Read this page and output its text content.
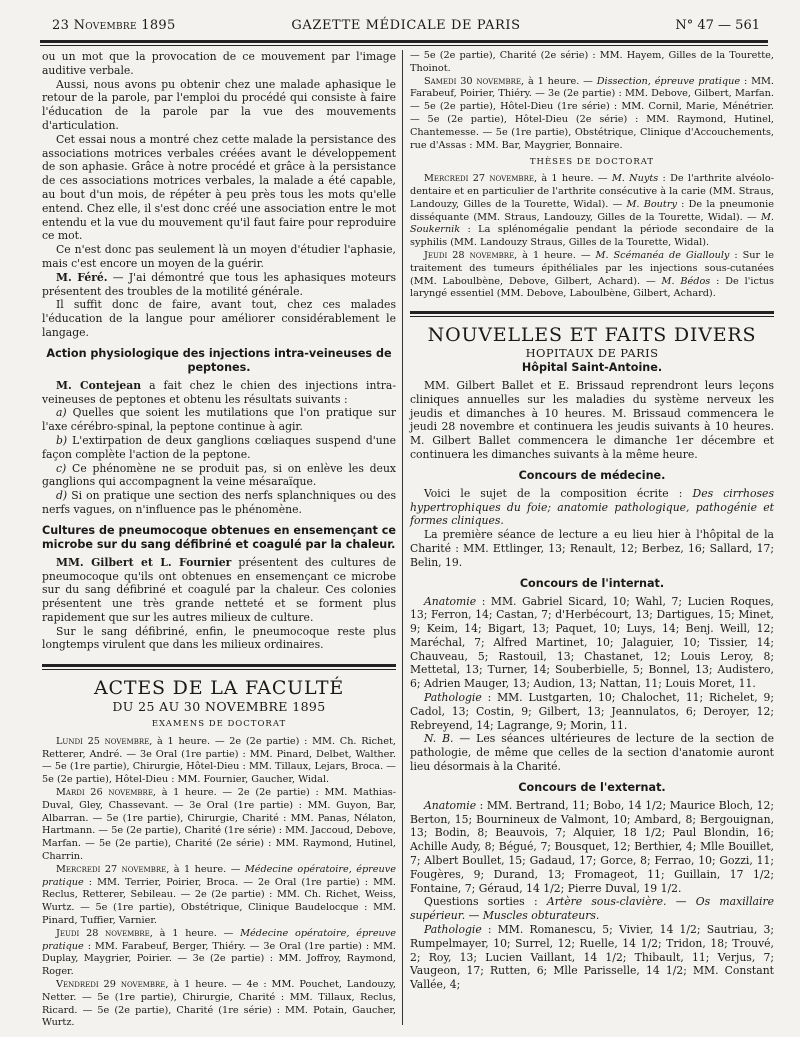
23 Novembre 1895	GAZETTE MÉDICALE DE PARIS	N° 47 — 561

ou un mot que la provocation de ce mouvement par l'image auditive verbale.

Aussi, nous avons pu obtenir chez une malade aphasique le retour de la parole, par l'emploi du procédé qui consiste à faire l'éducation de la parole par la vue des mouvements d'articulation.

Cet essai nous a montré chez cette malade la persistance des associations motrices verbales créées avant le développement de son aphasie. Grâce à notre procédé et grâce à la persistance de ces associations motrices verbales, la malade a été capable, au bout d'un mois, de répéter à peu près tous les mots qu'elle entend. Chez elle, il s'est donc créé une association entre le mot entendu et la vue du mouvement qu'il faut faire pour reproduire ce mot.

Ce n'est donc pas seulement là un moyen d'étudier l'aphasie, mais c'est encore un moyen de la guérir.

M. Féré. — J'ai démontré que tous les aphasiques moteurs présentent des troubles de la motilité générale.

Il suffit donc de faire, avant tout, chez ces malades l'éducation de la langue pour améliorer considérablement le langage.

Action physiologique des injections intra-veineuses de peptones.

M. Contejean a fait chez le chien des injections intra-veineuses de peptones et obtenu les résultats suivants :

a) Quelles que soient les mutilations que l'on pratique sur l'axe cérébro-spinal, la peptone continue à agir.

b) L'extirpation de deux ganglions cœliaques suspend d'une façon complète l'action de la peptone.

c) Ce phénomène ne se produit pas, si on enlève les deux ganglions qui accompagnent la veine mésaraïque.

d) Si on pratique une section des nerfs splanchniques ou des nerfs vagues, on n'influence pas le phénomène.

Cultures de pneumocoque obtenues en ensemençant ce microbe sur du sang défibriné et coagulé par la chaleur.

MM. Gilbert et L. Fournier présentent des cultures de pneumocoque qu'ils ont obtenues en ensemençant ce microbe sur du sang défibriné et coagulé par la chaleur. Ces colonies présentent une très grande netteté et se forment plus rapidement que sur les autres milieux de culture.

Sur le sang défibriné, enfin, le pneumocoque reste plus longtemps virulent que dans les milieux ordinaires.

ACTES DE LA FACULTÉ
DU 25 AU 30 NOVEMBRE 1895
EXAMENS DE DOCTORAT

Lundi 25 novembre, à 1 heure. — 2e (2e partie) : MM. Ch. Richet, Retterer, André. — 3e Oral (1re partie) : MM. Pinard, Delbet, Walther. — 5e (1re partie), Chirurgie, Hôtel-Dieu : MM. Tillaux, Lejars, Broca. — 5e (2e partie), Hôtel-Dieu : MM. Fournier, Gaucher, Widal.

Mardi 26 novembre, à 1 heure. — 2e (2e partie) : MM. Mathias-Duval, Gley, Chassevant. — 3e Oral (1re partie) : MM. Guyon, Bar, Albarran. — 5e (1re partie), Chirurgie, Charité : MM. Panas, Nélaton, Hartmann. — 5e (2e partie), Charité (1re série) : MM. Jaccoud, Debove, Marfan. — 5e (2e partie), Charité (2e série) : MM. Raymond, Hutinel, Charrin.

Mercredi 27 novembre, à 1 heure. — Médecine opératoire, épreuve pratique : MM. Terrier, Poirier, Broca. — 2e Oral (1re partie) : MM. Reclus, Retterer, Sebileau. — 2e (2e partie) : MM. Ch. Richet, Weiss, Wurtz. — 5e (1re partie), Obstétrique, Clinique Baudelocque : MM. Pinard, Tuffier, Varnier.

Jeudi 28 novembre, à 1 heure. — Médecine opératoire, épreuve pratique : MM. Farabeuf, Berger, Thiéry. — 3e Oral (1re partie) : MM. Duplay, Maygrier, Poirier. — 3e (2e partie) : MM. Joffroy, Raymond, Roger.

Vendredi 29 novembre, à 1 heure. — 4e : MM. Pouchet, Landouzy, Netter. — 5e (1re partie), Chirurgie, Charité : MM. Tillaux, Reclus, Ricard. — 5e (2e partie), Charité (1re série) : MM. Potain, Gaucher, Wurtz.

— 5e (2e partie), Charité (2e série) : MM. Hayem, Gilles de la Tourette, Thoinot.

Samedi 30 novembre, à 1 heure. — Dissection, épreuve pratique : MM. Farabeuf, Poirier, Thiéry. — 3e (2e partie) : MM. Debove, Gilbert, Marfan. — 5e (2e partie), Hôtel-Dieu (1re série) : MM. Cornil, Marie, Ménétrier. — 5e (2e partie), Hôtel-Dieu (2e série) : MM. Raymond, Hutinel, Chantemesse. — 5e (1re partie), Obstétrique, Clinique d'Accouchements, rue d'Assas : MM. Bar, Maygrier, Bonnaire.

THÈSES DE DOCTORAT

Mercredi 27 novembre, à 1 heure. — M. Nuyts : De l'arthrite alvéolo-dentaire et en particulier de l'arthrite consécutive à la carie (MM. Straus, Landouzy, Gilles de la Tourette, Widal). — M. Boutry : De la pneumonie disséquante (MM. Straus, Landouzy, Gilles de la Tourette, Widal). — M. Soukernik : La splénomégalie pendant la période secondaire de la syphilis (MM. Landouzy Straus, Gilles de la Tourette, Widal).

Jeudi 28 novembre, à 1 heure. — M. Scémanéa de Giallouly : Sur le traitement des tumeurs épithéliales par les injections sous-cutanées (MM. Laboulbène, Debove, Gilbert, Achard). — M. Bédos : De l'ictus laryngé essentiel (MM. Debove, Laboulbène, Gilbert, Achard).

NOUVELLES ET FAITS DIVERS
HOPITAUX DE PARIS
Hôpital Saint-Antoine.

MM. Gilbert Ballet et E. Brissaud reprendront leurs leçons cliniques annuelles sur les maladies du système nerveux les jeudis et dimanches à 10 heures. M. Brissaud commencera le jeudi 28 novembre et continuera les jeudis suivants à 10 heures. M. Gilbert Ballet commencera le dimanche 1er décembre et continuera les dimanches suivants à la même heure.

Concours de médecine.

Voici le sujet de la composition écrite : Des cirrhoses hypertrophiques du foie; anatomie pathologique, pathogénie et formes cliniques.

La première séance de lecture a eu lieu hier à l'hôpital de la Charité : MM. Ettlinger, 13; Renault, 12; Berbez, 16; Sallard, 17; Belin, 19.

Concours de l'internat.

Anatomie : MM. Gabriel Sicard, 10; Wahl, 7; Lucien Roques, 13; Ferron, 14; Castan, 7; d'Herbécourt, 13; Dartigues, 15; Minet, 9; Keim, 14; Bigart, 13; Paquet, 10; Luys, 14; Benj. Weill, 12; Maréchal, 7; Alfred Martinet, 10; Jalaguier, 10; Tissier, 14; Chauveau, 5; Rastouil, 13; Chastanet, 12; Louis Leroy, 8; Mettetal, 13; Turner, 14; Souberbielle, 5; Bonnel, 13; Audistero, 6; Adrien Mauger, 13; Audion, 13; Nattan, 11; Louis Moret, 11.

Pathologie : MM. Lustgarten, 10; Chalochet, 11; Richelet, 9; Cadol, 13; Costin, 9; Gilbert, 13; Jeannulatos, 6; Deroyer, 12; Rebreyend, 14; Lagrange, 9; Morin, 11.

N. B. — Les séances ultérieures de lecture de la section de pathologie, de même que celles de la section d'anatomie auront lieu désormais à la Charité.

Concours de l'externat.

Anatomie : MM. Bertrand, 11; Bobo, 14 1/2; Maurice Bloch, 12; Berton, 15; Bournineux de Valmont, 10; Ambard, 8; Bergouignan, 13; Bodin, 8; Beauvois, 7; Alquier, 18 1/2; Paul Blondin, 16; Achille Audy, 8; Bégué, 7; Bousquet, 12; Berthier, 4; Mlle Bouillet, 7; Albert Boullet, 15; Gadaud, 17; Gorce, 8; Ferrao, 10; Gozzi, 11; Fougères, 9; Durand, 13; Fromageot, 11; Guillain, 17 1/2; Fontaine, 7; Géraud, 14 1/2; Pierre Duval, 19 1/2.

Questions sorties : Artère sous-clavière. — Os maxillaire supérieur. — Muscles obturateurs.

Pathologie : MM. Romanescu, 5; Vivier, 14 1/2; Sautriau, 3; Rumpelmayer, 10; Surrel, 12; Ruelle, 14 1/2; Tridon, 18; Trouvé, 2; Roy, 13; Lucien Vaillant, 14 1/2; Thibault, 11; Verjus, 7; Vaugeon, 17; Rutten, 6; Mlle Parisselle, 14 1/2; MM. Constant Vallée, 4;
